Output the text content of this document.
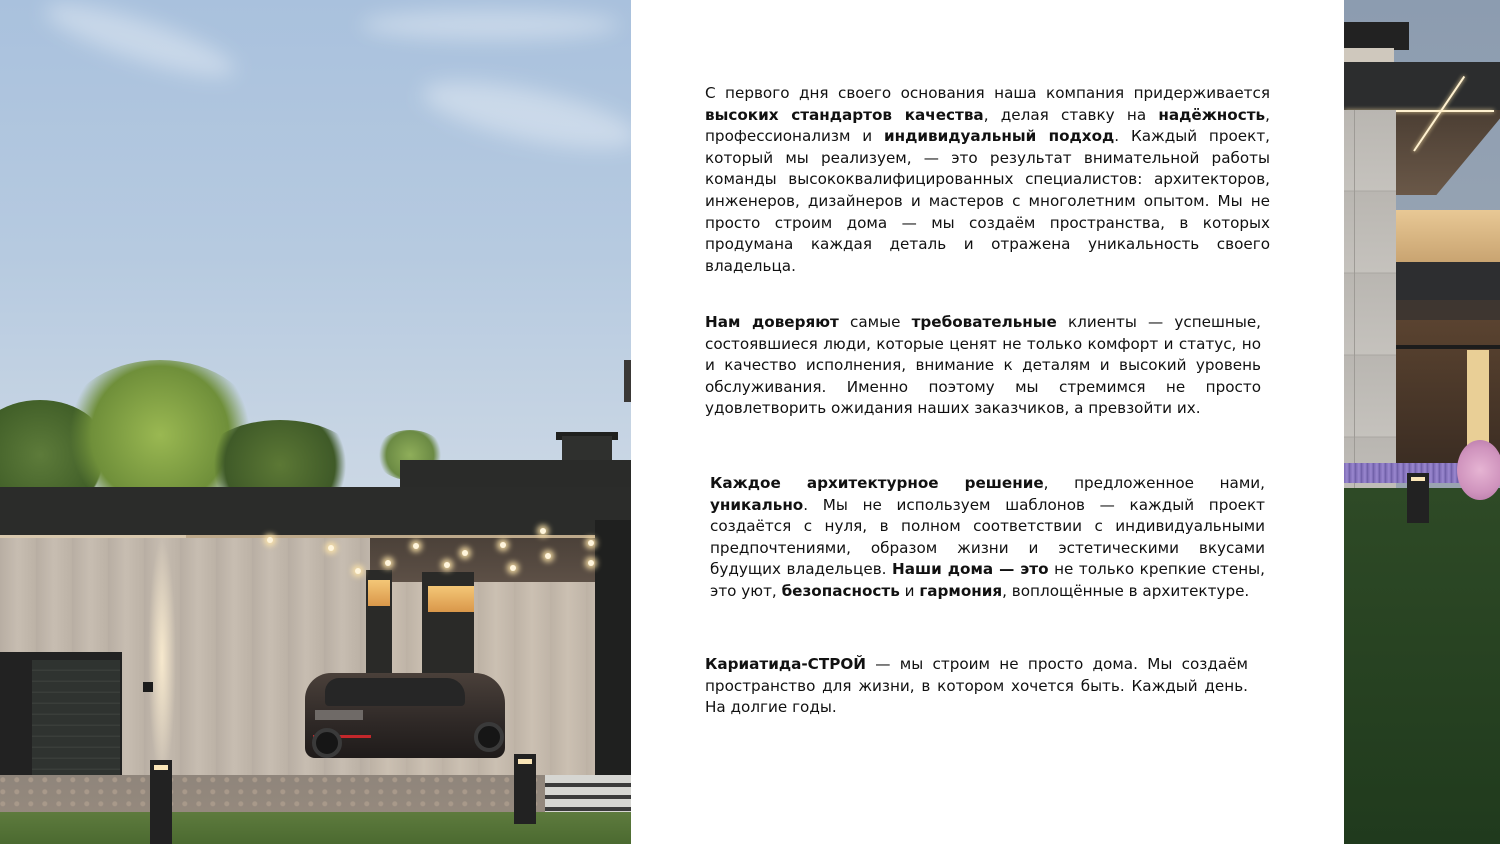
С первого дня своего основания наша компания придерживается высоких стандартов качества, делая ставку на надёжность, профессионализм и индивидуальный подход. Каждый проект, который мы реализуем, — это результат внимательной работы команды высококвалифицированных специалистов: архитекторов, инженеров, дизайнеров и мастеров с многолетним опытом. Мы не просто строим дома — мы создаём пространства, в которых продумана каждая деталь и отражена уникальность своего владельца.

Нам доверяют самые требовательные клиенты — успешные, состоявшиеся люди, которые ценят не только комфорт и статус, но и качество исполнения, внимание к деталям и высокий уровень обслуживания. Именно поэтому мы стремимся не просто удовлетворить ожидания наших заказчиков, а превзойти их.

Каждое архитектурное решение, предложенное нами, уникально. Мы не используем шаблонов — каждый проект создаётся с нуля, в полном соответствии с индивидуальными предпочтениями, образом жизни и эстетическими вкусами будущих владельцев. Наши дома — это не только крепкие стены, это уют, безопасность и гармония, воплощённые в архитектуре.

Кариатида-СТРОЙ — мы строим не просто дома. Мы создаём пространство для жизни, в котором хочется быть. Каждый день. На долгие годы.
